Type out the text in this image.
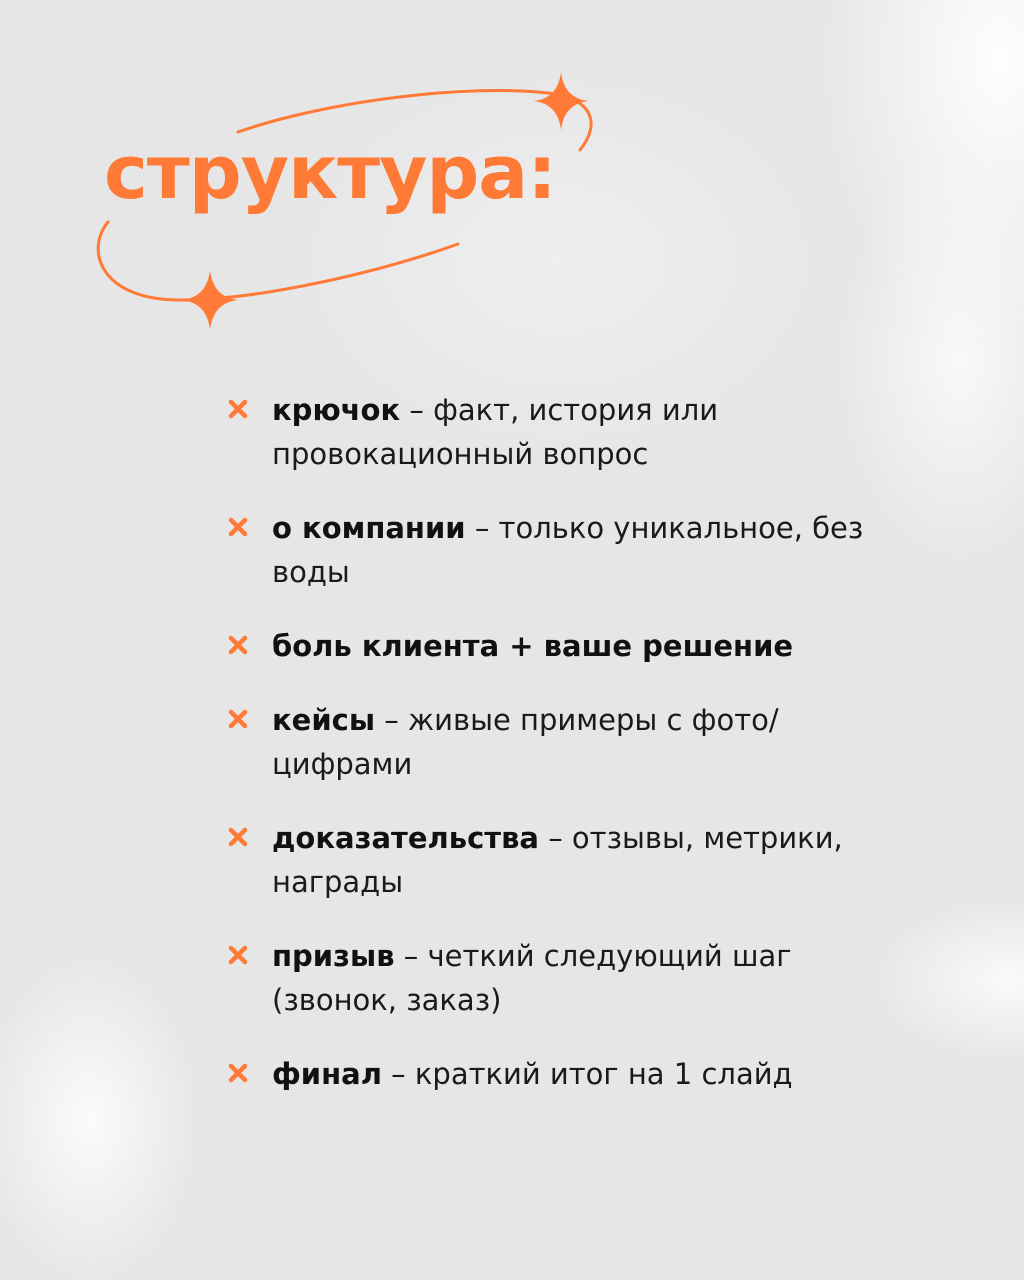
структура:
крючок – факт, история или провокационный вопрос
о компании – только уникальное, без воды
боль клиента + ваше решение
кейсы – живые примеры с фото/цифрами
доказательства – отзывы, метрики, награды
призыв – четкий следующий шаг (звонок, заказ)
финал – краткий итог на 1 слайд
